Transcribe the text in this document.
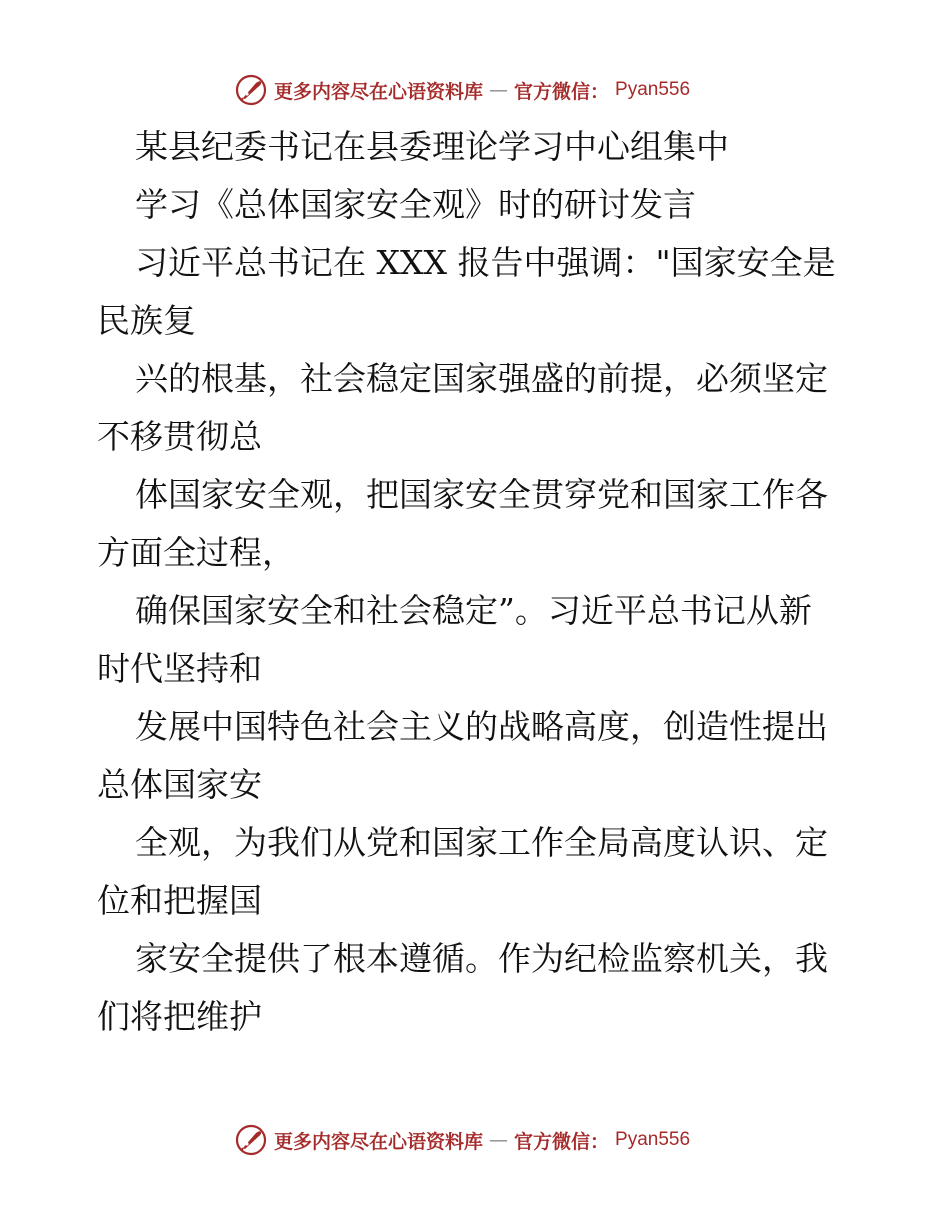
更多内容尽在心语资料库 — 官方微信： Pyan556
某县纪委书记在县委理论学习中心组集中
学习《总体国家安全观》时的研讨发言
习近平总书记在 XXX 报告中强调："国家安全是
民族复
兴的根基，社会稳定国家强盛的前提，必须坚定
不移贯彻总
体国家安全观，把国家安全贯穿党和国家工作各
方面全过程，
确保国家安全和社会稳定”。习近平总书记从新
时代坚持和
发展中国特色社会主义的战略高度，创造性提出
总体国家安
全观，为我们从党和国家工作全局高度认识、定
位和把握国
家安全提供了根本遵循。作为纪检监察机关，我
们将把维护
更多内容尽在心语资料库 — 官方微信： Pyan556
